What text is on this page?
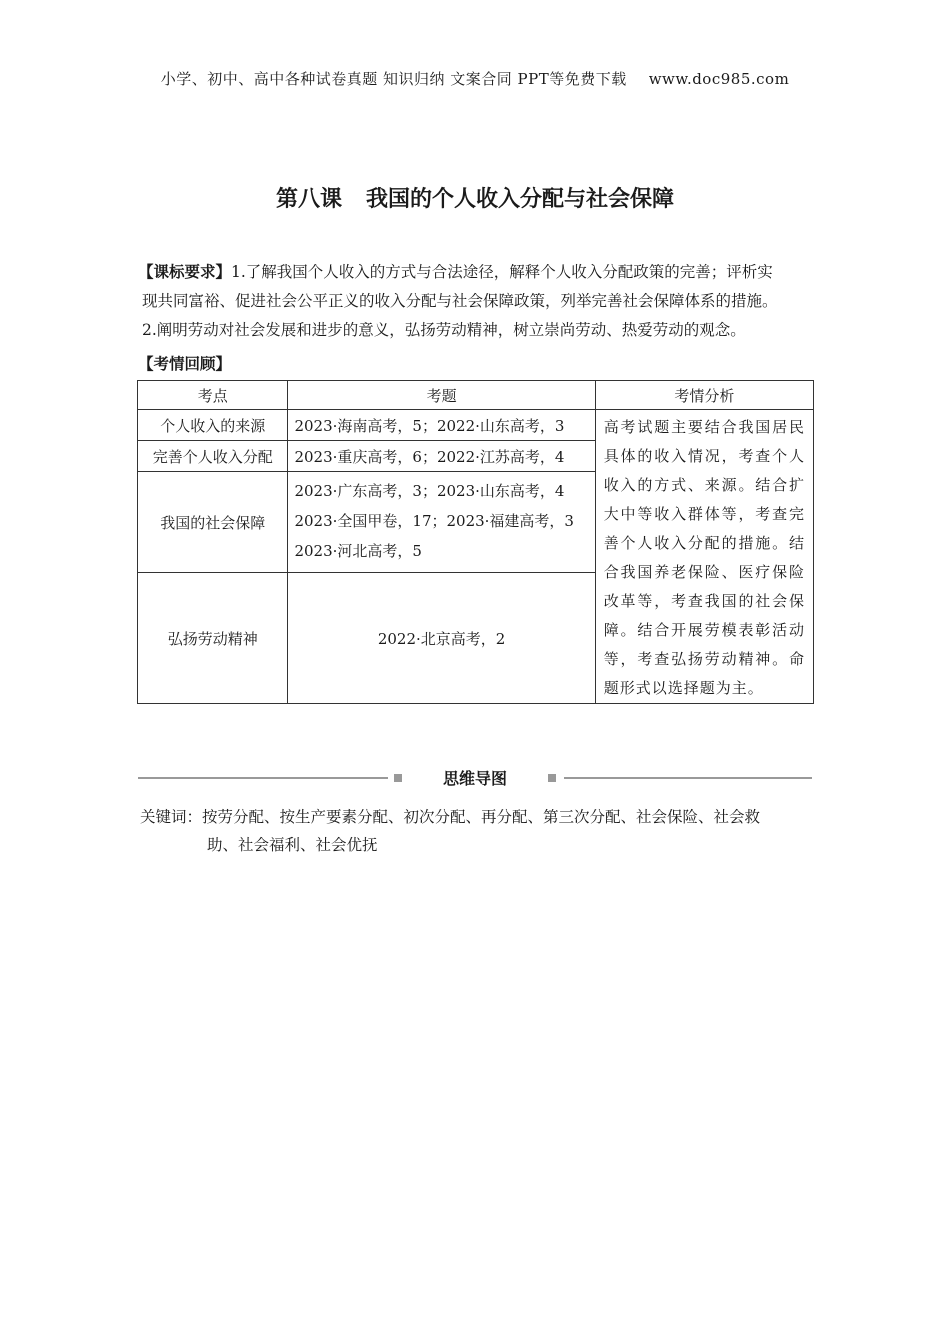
小学、初中、高中各种试卷真题 知识归纳 文案合同 PPT等免费下载 www.doc985.com
第八课 我国的个人收入分配与社会保障
【课标要求】1.了解我国个人收入的方式与合法途径，解释个人收入分配政策的完善；评析实
现共同富裕、促进社会公平正义的收入分配与社会保障政策，列举完善社会保障体系的措施。
2.阐明劳动对社会发展和进步的意义，弘扬劳动精神，树立崇尚劳动、热爱劳动的观念。
【考情回顾】
考点	考题	考情分析
个人收入的来源	2023·海南高考，5；2022·山东高考，3	高考试题主要结合我国居民具体的收入情况，考查个人收入的方式、来源。结合扩大中等收入群体等，考查完善个人收入分配的措施。结合我国养老保险、医疗保险改革等，考查我国的社会保障。结合开展劳模表彰活动等，考查弘扬劳动精神。命题形式以选择题为主。
完善个人收入分配	2023·重庆高考，6；2022·江苏高考，4	
我国的社会保障	2023·广东高考，3；2023·山东高考，4
2023·全国甲卷，17；2023·福建高考，3
2023·河北高考，5	

弘扬劳动精神	2022·北京高考，2	
思维导图
关键词：按劳分配、按生产要素分配、初次分配、再分配、第三次分配、社会保险、社会救
助、社会福利、社会优抚
